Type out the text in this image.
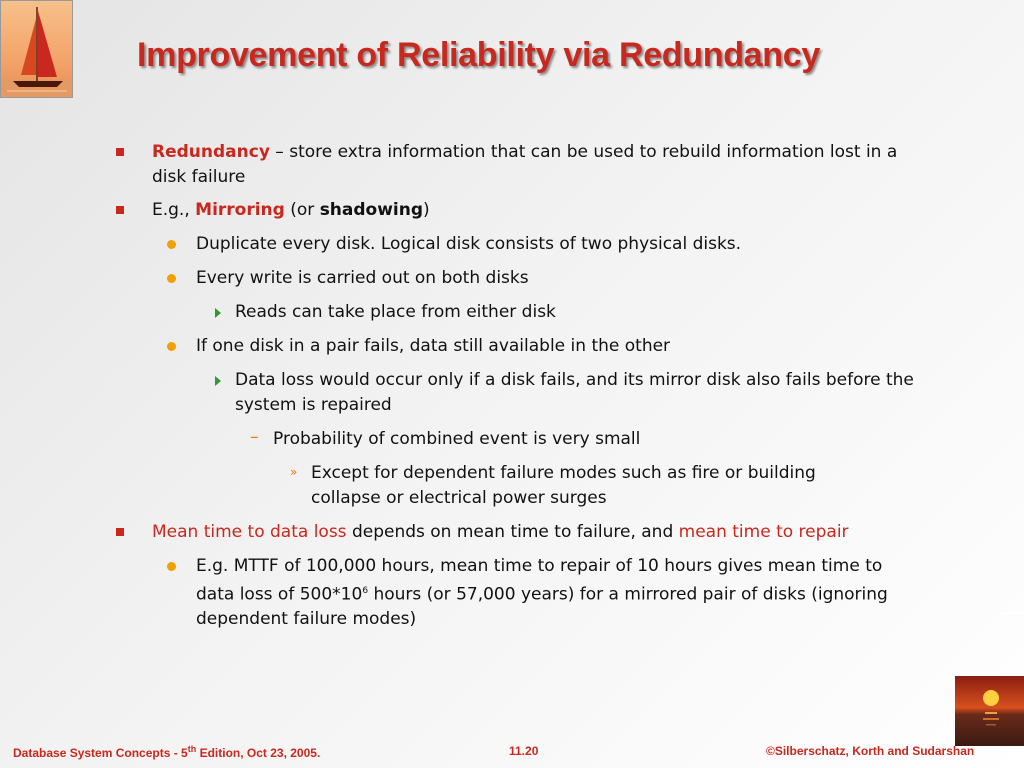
Improvement of Reliability via Redundancy
Redundancy – store extra information that can be used to rebuild information lost in a disk failure
E.g., Mirroring (or shadowing)
Duplicate every disk. Logical disk consists of two physical disks.
Every write is carried out on both disks
Reads can take place from either disk
If one disk in a pair fails, data still available in the other
Data loss would occur only if a disk fails, and its mirror disk also fails before the system is repaired
– Probability of combined event is very small
» Except for dependent failure modes such as fire or building collapse or electrical power surges
Mean time to data loss depends on mean time to failure, and mean time to repair
E.g. MTTF of 100,000 hours, mean time to repair of 10 hours gives mean time to data loss of $500*10^6$ hours (or 57,000 years) for a mirrored pair of disks (ignoring dependent failure modes)
Database System Concepts - 5th Edition, Oct 23, 2005.	11.20	©Silberschatz, Korth and Sudarshan
